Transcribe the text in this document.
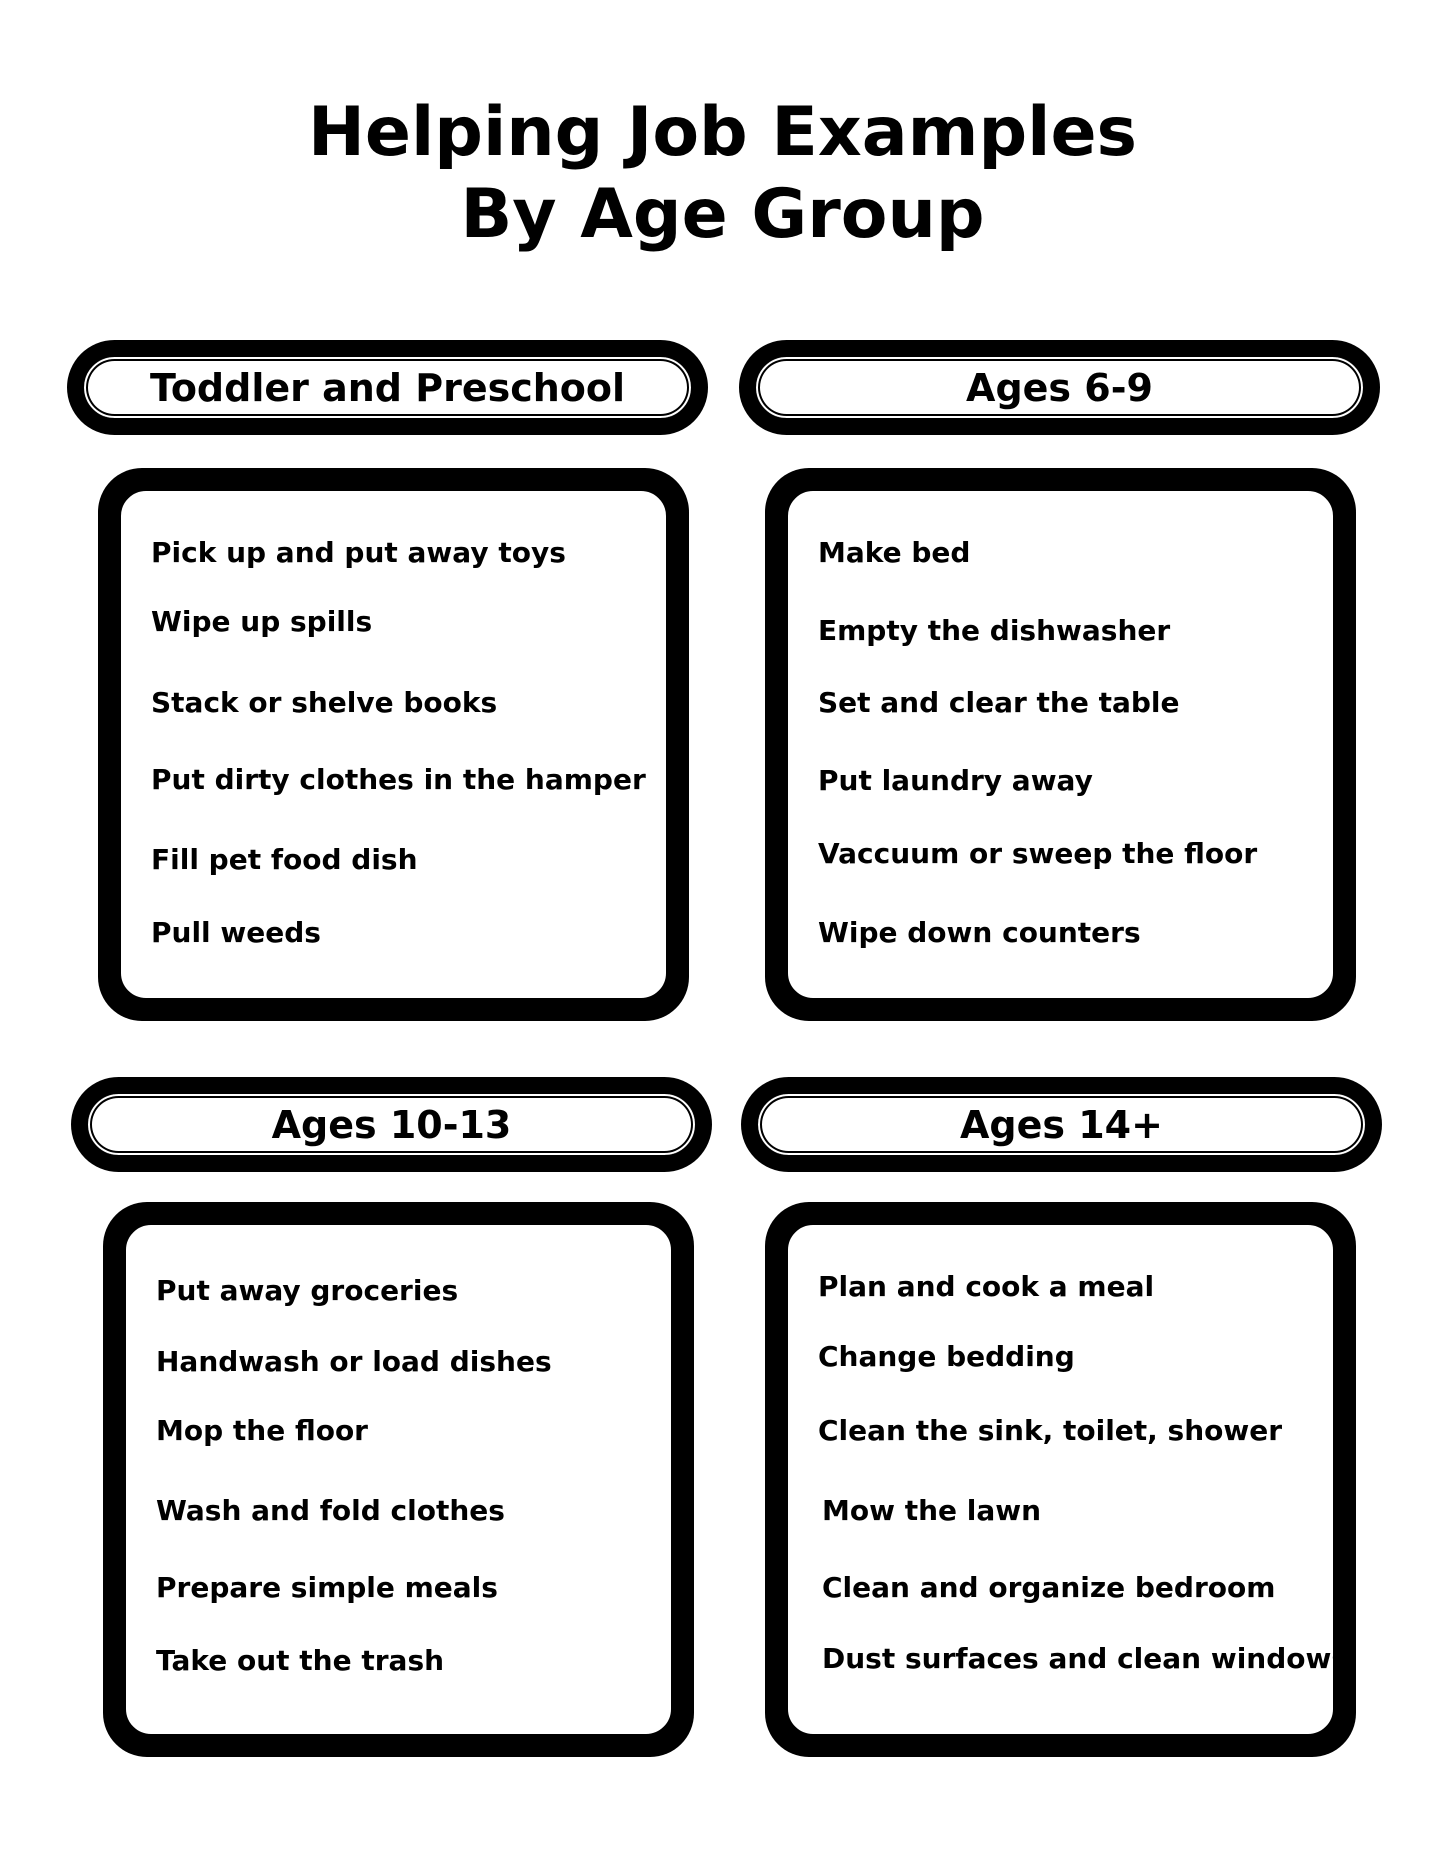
Helping Job Examples
By Age Group
Toddler and Preschool
Pick up and put away toys
Wipe up spills
Stack or shelve books
Put dirty clothes in the hamper
Fill pet food dish
Pull weeds
Ages 6-9
Make bed
Empty the dishwasher
Set and clear the table
Put laundry away
Vaccuum or sweep the floor
Wipe down counters
Ages 10-13
Put away groceries
Handwash or load dishes
Mop the floor
Wash and fold clothes
Prepare simple meals
Take out the trash
Ages 14+
Plan and cook a meal
Change bedding
Clean the sink, toilet, shower
Mow the lawn
Clean and organize bedroom
Dust surfaces and clean windows
